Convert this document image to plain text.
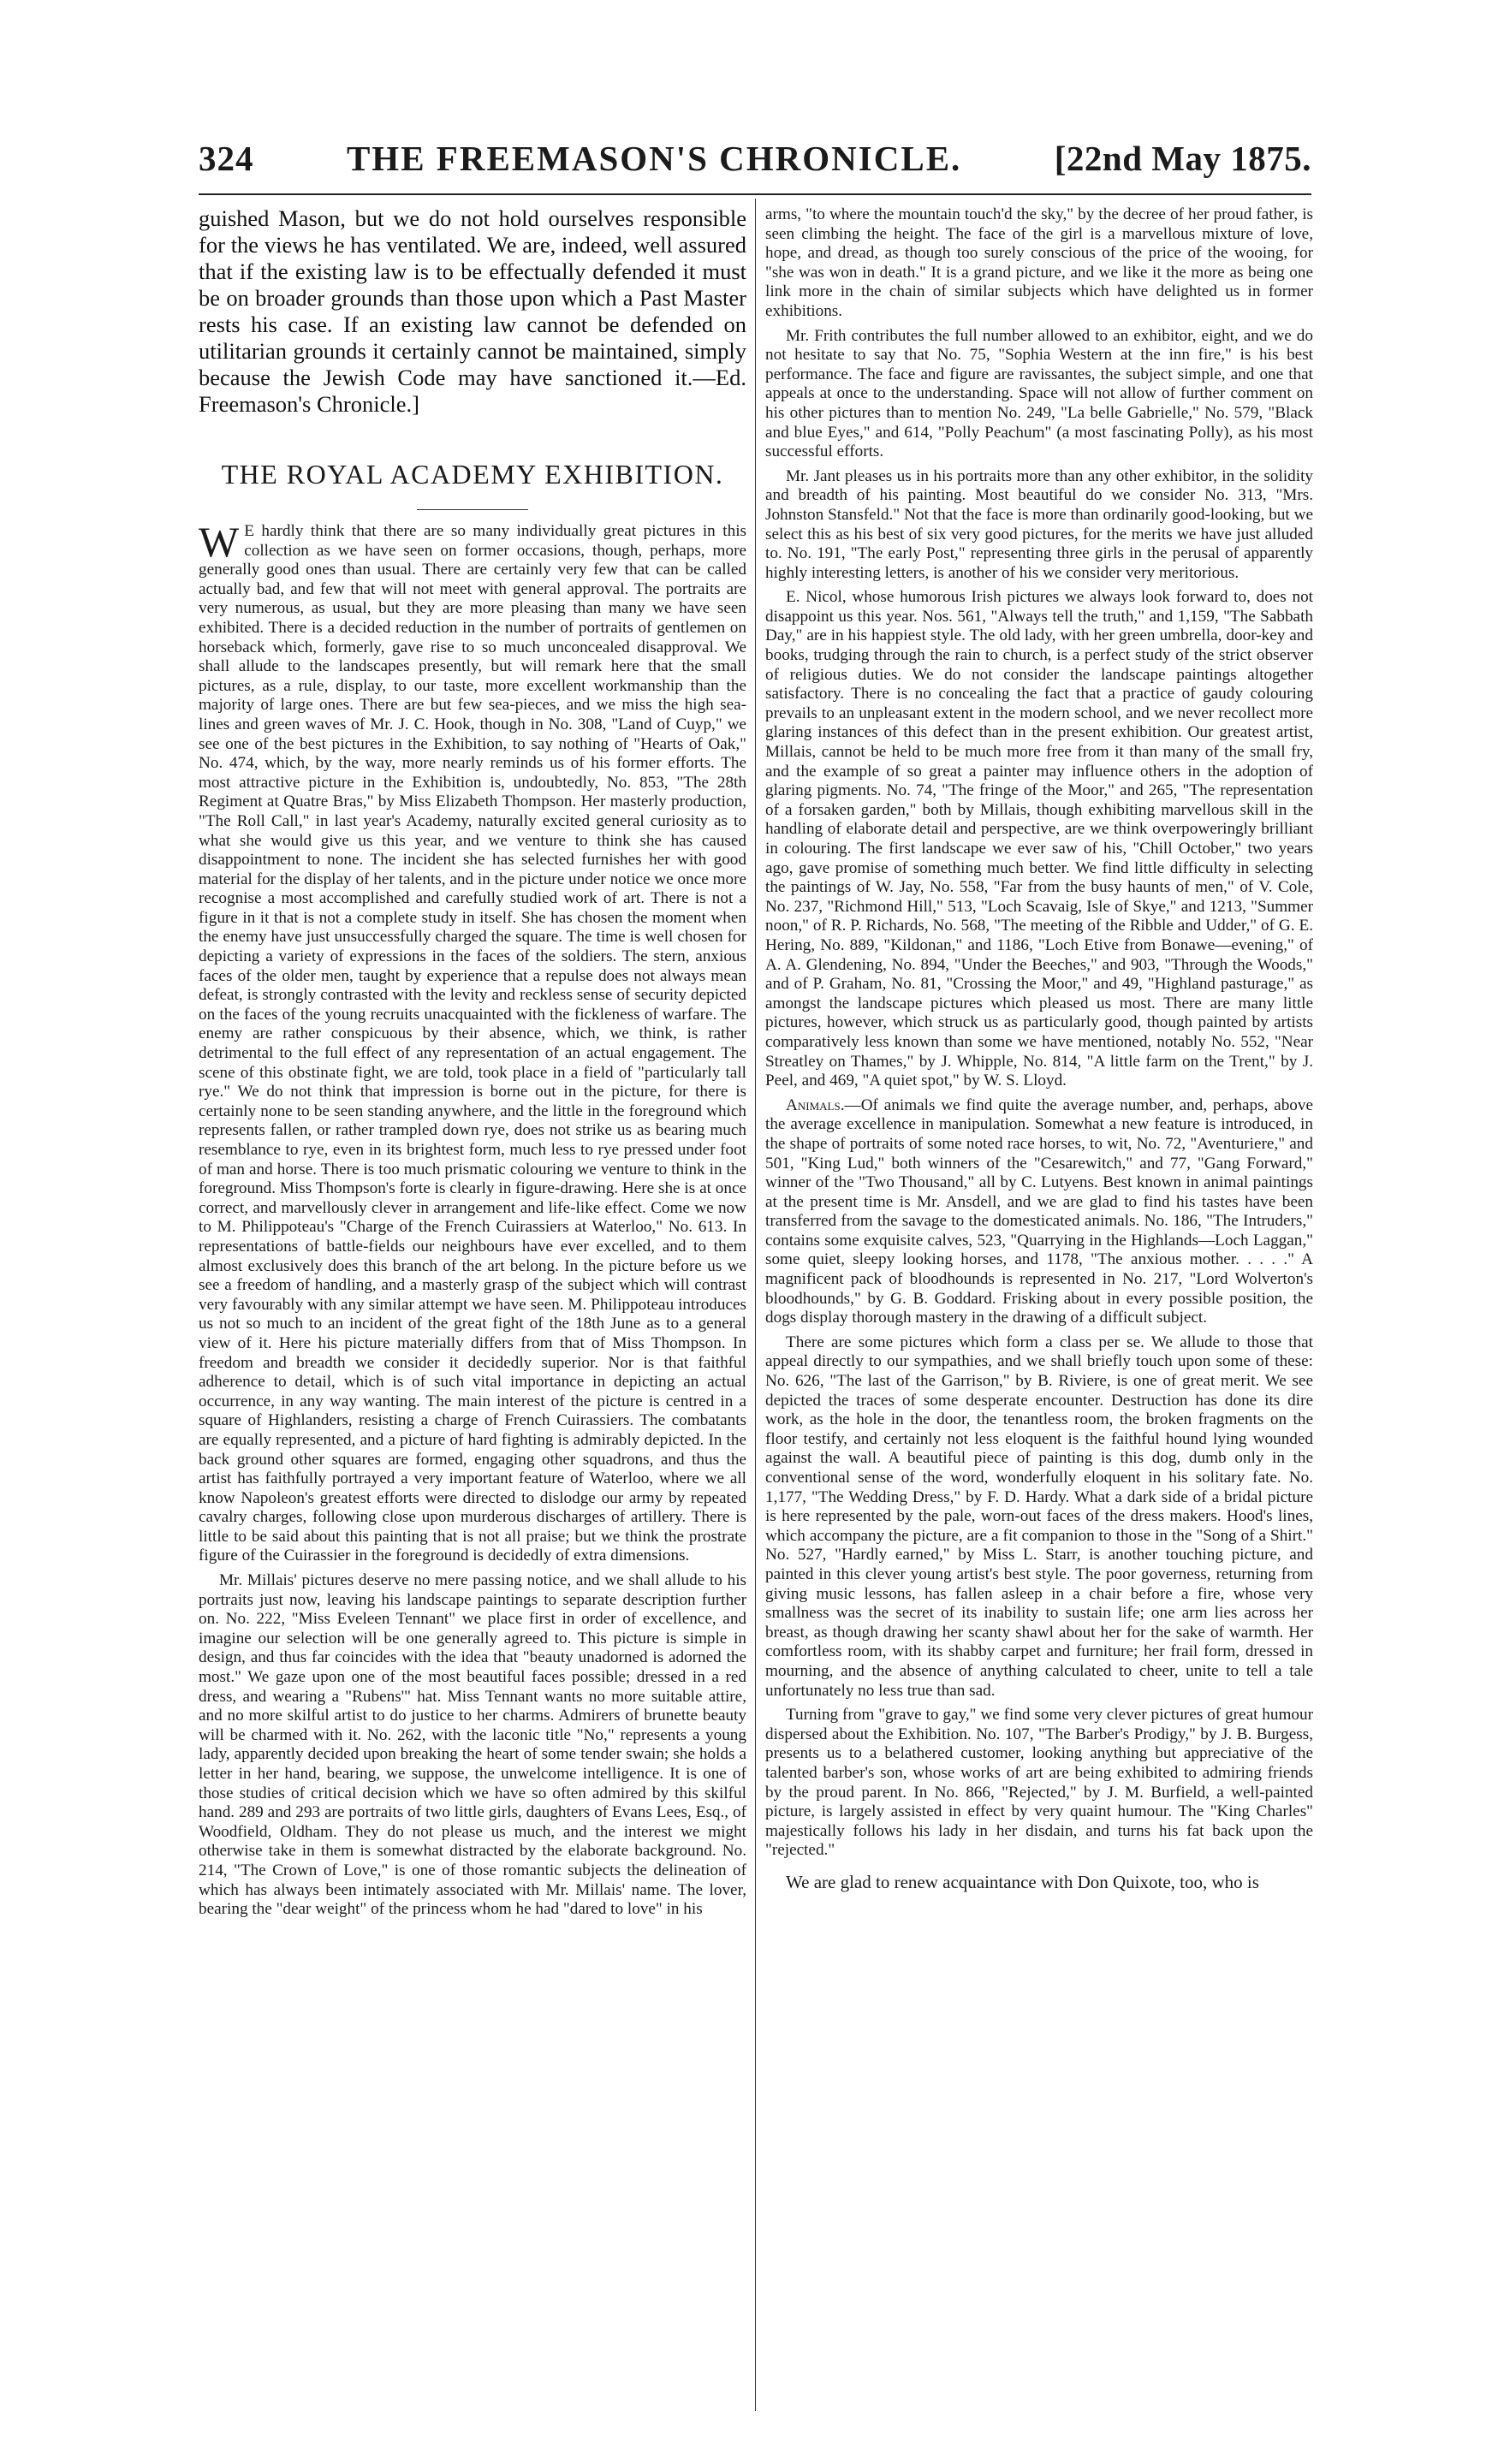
324	THE FREEMASON'S CHRONICLE.	[22nd May 1875.

guished Mason, but we do not hold ourselves responsible for the views he has ventilated. We are, indeed, well assured that if the existing law is to be effectually defended it must be on broader grounds than those upon which a Past Master rests his case. If an existing law cannot be defended on utilitarian grounds it certainly cannot be maintained, simply because the Jewish Code may have sanctioned it.—Ed. Freemason's Chronicle.]

THE ROYAL ACADEMY EXHIBITION.

W E hardly think that there are so many individually great pictures in this collection as we have seen on former occasions, though, perhaps, more generally good ones than usual. There are certainly very few that can be called actually bad, and few that will not meet with general approval. The portraits are very numerous, as usual, but they are more pleasing than many we have seen exhibited. There is a decided reduction in the number of portraits of gentlemen on horseback which, formerly, gave rise to so much unconcealed disapproval. We shall allude to the landscapes presently, but will remark here that the small pictures, as a rule, display, to our taste, more excellent workmanship than the majority of large ones. There are but few sea-pieces, and we miss the high sea-lines and green waves of Mr. J. C. Hook, though in No. 308, "Land of Cuyp," we see one of the best pictures in the Exhibition, to say nothing of "Hearts of Oak," No. 474, which, by the way, more nearly reminds us of his former efforts. The most attractive picture in the Exhibition is, undoubtedly, No. 853, "The 28th Regiment at Quatre Bras," by Miss Elizabeth Thompson. Her masterly production, "The Roll Call," in last year's Academy, naturally excited general curiosity as to what she would give us this year, and we venture to think she has caused disappointment to none. The incident she has selected furnishes her with good material for the display of her talents, and in the picture under notice we once more recognise a most accomplished and carefully studied work of art. There is not a figure in it that is not a complete study in itself. She has chosen the moment when the enemy have just unsuccessfully charged the square. The time is well chosen for depicting a variety of expressions in the faces of the soldiers. The stern, anxious faces of the older men, taught by experience that a repulse does not always mean defeat, is strongly contrasted with the levity and reckless sense of security depicted on the faces of the young recruits unacquainted with the fickleness of warfare. The enemy are rather conspicuous by their absence, which, we think, is rather detrimental to the full effect of any representation of an actual engagement. The scene of this obstinate fight, we are told, took place in a field of "particularly tall rye." We do not think that impression is borne out in the picture, for there is certainly none to be seen standing anywhere, and the little in the foreground which represents fallen, or rather trampled down rye, does not strike us as bearing much resemblance to rye, even in its brightest form, much less to rye pressed under foot of man and horse. There is too much prismatic colouring we venture to think in the foreground. Miss Thompson's forte is clearly in figure-drawing. Here she is at once correct, and marvellously clever in arrangement and life-like effect. Come we now to M. Philippoteau's "Charge of the French Cuirassiers at Waterloo," No. 613. In representations of battle-fields our neighbours have ever excelled, and to them almost exclusively does this branch of the art belong. In the picture before us we see a freedom of handling, and a masterly grasp of the subject which will contrast very favourably with any similar attempt we have seen. M. Philippoteau introduces us not so much to an incident of the great fight of the 18th June as to a general view of it. Here his picture materially differs from that of Miss Thompson. In freedom and breadth we consider it decidedly superior. Nor is that faithful adherence to detail, which is of such vital importance in depicting an actual occurrence, in any way wanting. The main interest of the picture is centred in a square of Highlanders, resisting a charge of French Cuirassiers. The combatants are equally represented, and a picture of hard fighting is admirably depicted. In the back ground other squares are formed, engaging other squadrons, and thus the artist has faithfully portrayed a very important feature of Waterloo, where we all know Napoleon's greatest efforts were directed to dislodge our army by repeated cavalry charges, following close upon murderous discharges of artillery. There is little to be said about this painting that is not all praise; but we think the prostrate figure of the Cuirassier in the foreground is decidedly of extra dimensions.

Mr. Millais' pictures deserve no mere passing notice, and we shall allude to his portraits just now, leaving his landscape paintings to separate description further on. No. 222, "Miss Eveleen Tennant" we place first in order of excellence, and imagine our selection will be one generally agreed to. This picture is simple in design, and thus far coincides with the idea that "beauty unadorned is adorned the most." We gaze upon one of the most beautiful faces possible; dressed in a red dress, and wearing a "Rubens'" hat. Miss Tennant wants no more suitable attire, and no more skilful artist to do justice to her charms. Admirers of brunette beauty will be charmed with it. No. 262, with the laconic title "No," represents a young lady, apparently decided upon breaking the heart of some tender swain; she holds a letter in her hand, bearing, we suppose, the unwelcome intelligence. It is one of those studies of critical decision which we have so often admired by this skilful hand. 289 and 293 are portraits of two little girls, daughters of Evans Lees, Esq., of Woodfield, Oldham. They do not please us much, and the interest we might otherwise take in them is somewhat distracted by the elaborate background. No. 214, "The Crown of Love," is one of those romantic subjects the delineation of which has always been intimately associated with Mr. Millais' name. The lover, bearing the "dear weight" of the princess whom he had "dared to love" in his

arms, "to where the mountain touch'd the sky," by the decree of her proud father, is seen climbing the height. The face of the girl is a marvellous mixture of love, hope, and dread, as though too surely conscious of the price of the wooing, for "she was won in death." It is a grand picture, and we like it the more as being one link more in the chain of similar subjects which have delighted us in former exhibitions.

Mr. Frith contributes the full number allowed to an exhibitor, eight, and we do not hesitate to say that No. 75, "Sophia Western at the inn fire," is his best performance. The face and figure are ravissantes, the subject simple, and one that appeals at once to the understanding. Space will not allow of further comment on his other pictures than to mention No. 249, "La belle Gabrielle," No. 579, "Black and blue Eyes," and 614, "Polly Peachum" (a most fascinating Polly), as his most successful efforts.

Mr. Jant pleases us in his portraits more than any other exhibitor, in the solidity and breadth of his painting. Most beautiful do we consider No. 313, "Mrs. Johnston Stansfeld." Not that the face is more than ordinarily good-looking, but we select this as his best of six very good pictures, for the merits we have just alluded to. No. 191, "The early Post," representing three girls in the perusal of apparently highly interesting letters, is another of his we consider very meritorious.

E. Nicol, whose humorous Irish pictures we always look forward to, does not disappoint us this year. Nos. 561, "Always tell the truth," and 1,159, "The Sabbath Day," are in his happiest style. The old lady, with her green umbrella, door-key and books, trudging through the rain to church, is a perfect study of the strict observer of religious duties. We do not consider the landscape paintings altogether satisfactory. There is no concealing the fact that a practice of gaudy colouring prevails to an unpleasant extent in the modern school, and we never recollect more glaring instances of this defect than in the present exhibition. Our greatest artist, Millais, cannot be held to be much more free from it than many of the small fry, and the example of so great a painter may influence others in the adoption of glaring pigments. No. 74, "The fringe of the Moor," and 265, "The representation of a forsaken garden," both by Millais, though exhibiting marvellous skill in the handling of elaborate detail and perspective, are we think overpoweringly brilliant in colouring. The first landscape we ever saw of his, "Chill October," two years ago, gave promise of something much better. We find little difficulty in selecting the paintings of W. Jay, No. 558, "Far from the busy haunts of men," of V. Cole, No. 237, "Richmond Hill," 513, "Loch Scavaig, Isle of Skye," and 1213, "Summer noon," of R. P. Richards, No. 568, "The meeting of the Ribble and Udder," of G. E. Hering, No. 889, "Kildonan," and 1186, "Loch Etive from Bonawe—evening," of A. A. Glendening, No. 894, "Under the Beeches," and 903, "Through the Woods," and of P. Graham, No. 81, "Crossing the Moor," and 49, "Highland pasturage," as amongst the landscape pictures which pleased us most. There are many little pictures, however, which struck us as particularly good, though painted by artists comparatively less known than some we have mentioned, notably No. 552, "Near Streatley on Thames," by J. Whipple, No. 814, "A little farm on the Trent," by J. Peel, and 469, "A quiet spot," by W. S. Lloyd.

Animals.—Of animals we find quite the average number, and, perhaps, above the average excellence in manipulation. Somewhat a new feature is introduced, in the shape of portraits of some noted race horses, to wit, No. 72, "Aventuriere," and 501, "King Lud," both winners of the "Cesarewitch," and 77, "Gang Forward," winner of the "Two Thousand," all by C. Lutyens. Best known in animal paintings at the present time is Mr. Ansdell, and we are glad to find his tastes have been transferred from the savage to the domesticated animals. No. 186, "The Intruders," contains some exquisite calves, 523, "Quarrying in the Highlands—Loch Laggan," some quiet, sleepy looking horses, and 1178, "The anxious mother. . . . ." A magnificent pack of bloodhounds is represented in No. 217, "Lord Wolverton's bloodhounds," by G. B. Goddard. Frisking about in every possible position, the dogs display thorough mastery in the drawing of a difficult subject.

There are some pictures which form a class per se. We allude to those that appeal directly to our sympathies, and we shall briefly touch upon some of these: No. 626, "The last of the Garrison," by B. Riviere, is one of great merit. We see depicted the traces of some desperate encounter. Destruction has done its dire work, as the hole in the door, the tenantless room, the broken fragments on the floor testify, and certainly not less eloquent is the faithful hound lying wounded against the wall. A beautiful piece of painting is this dog, dumb only in the conventional sense of the word, wonderfully eloquent in his solitary fate. No. 1,177, "The Wedding Dress," by F. D. Hardy. What a dark side of a bridal picture is here represented by the pale, worn-out faces of the dress makers. Hood's lines, which accompany the picture, are a fit companion to those in the "Song of a Shirt." No. 527, "Hardly earned," by Miss L. Starr, is another touching picture, and painted in this clever young artist's best style. The poor governess, returning from giving music lessons, has fallen asleep in a chair before a fire, whose very smallness was the secret of its inability to sustain life; one arm lies across her breast, as though drawing her scanty shawl about her for the sake of warmth. Her comfortless room, with its shabby carpet and furniture; her frail form, dressed in mourning, and the absence of anything calculated to cheer, unite to tell a tale unfortunately no less true than sad.

Turning from "grave to gay," we find some very clever pictures of great humour dispersed about the Exhibition. No. 107, "The Barber's Prodigy," by J. B. Burgess, presents us to a belathered customer, looking anything but appreciative of the talented barber's son, whose works of art are being exhibited to admiring friends by the proud parent. In No. 866, "Rejected," by J. M. Burfield, a well-painted picture, is largely assisted in effect by very quaint humour. The "King Charles" majestically follows his lady in her disdain, and turns his fat back upon the "rejected."

We are glad to renew acquaintance with Don Quixote, too, who is
